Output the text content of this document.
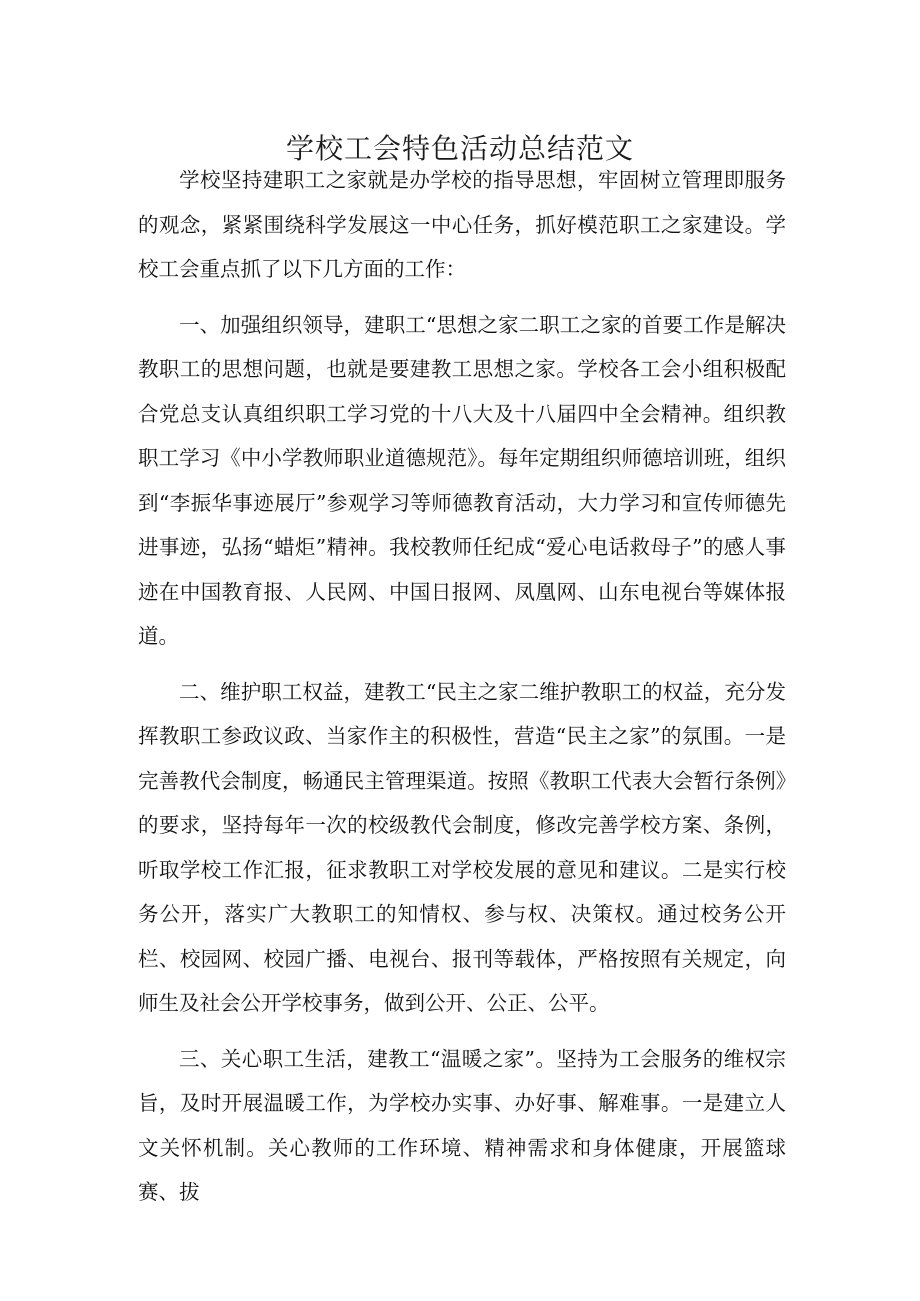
学校工会特色活动总结范文

学校坚持建职工之家就是办学校的指导思想，牢固树立管理即服务的观念，紧紧围绕科学发展这一中心任务，抓好模范职工之家建设。学校工会重点抓了以下几方面的工作：

一、加强组织领导，建职工“思想之家二职工之家的首要工作是解决教职工的思想问题，也就是要建教工思想之家。学校各工会小组积极配合党总支认真组织职工学习党的十八大及十八届四中全会精神。组织教职工学习《中小学教师职业道德规范》。每年定期组织师德培训班，组织到“李振华事迹展厅”参观学习等师德教育活动，大力学习和宣传师德先进事迹，弘扬“蜡炬”精神。我校教师任纪成“爱心电话救母子”的感人事迹在中国教育报、人民网、中国日报网、凤凰网、山东电视台等媒体报道。

二、维护职工权益，建教工“民主之家二维护教职工的权益，充分发挥教职工参政议政、当家作主的积极性，营造“民主之家”的氛围。一是完善教代会制度，畅通民主管理渠道。按照《教职工代表大会暂行条例》的要求，坚持每年一次的校级教代会制度，修改完善学校方案、条例，听取学校工作汇报，征求教职工对学校发展的意见和建议。二是实行校务公开，落实广大教职工的知情权、参与权、决策权。通过校务公开栏、校园网、校园广播、电视台、报刊等载体，严格按照有关规定，向师生及社会公开学校事务，做到公开、公正、公平。

三、关心职工生活，建教工“温暖之家”。坚持为工会服务的维权宗旨，及时开展温暖工作，为学校办实事、办好事、解难事。一是建立人文关怀机制。关心教师的工作环境、精神需求和身体健康，开展篮球赛、拔
